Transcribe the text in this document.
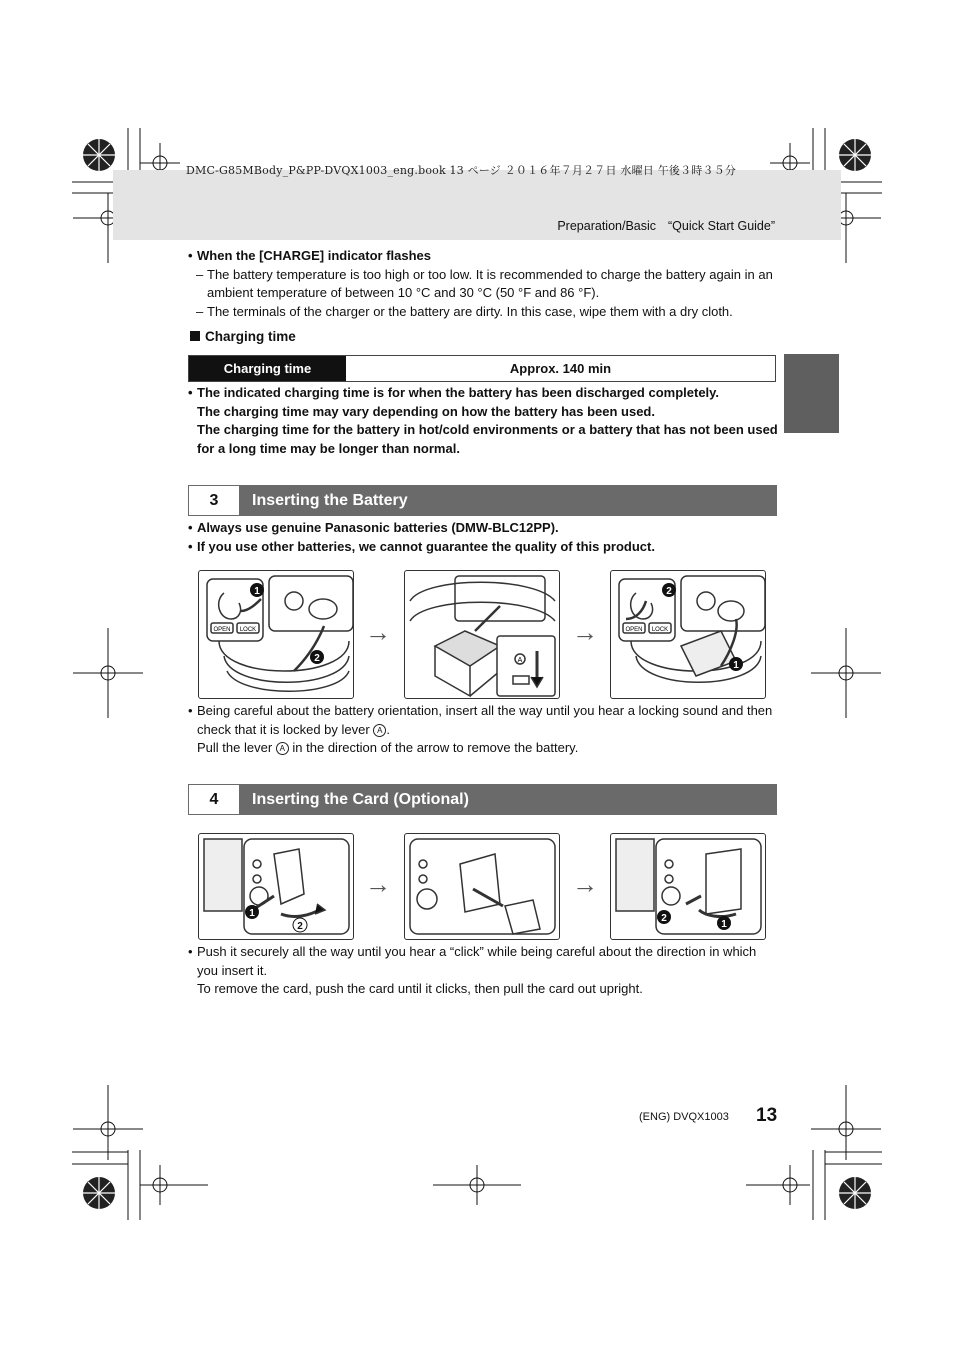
DMC-G85MBody_P&PP-DVQX1003_eng.book 13 ページ ２０１６年７月２７日 水曜日 午後３時３５分
Preparation/Basic “Quick Start Guide”
• When the [CHARGE] indicator flashes
– The battery temperature is too high or too low. It is recommended to charge the battery again in an ambient temperature of between 10 °C and 30 °C (50 °F and 86 °F).
– The terminals of the charger or the battery are dirty. In this case, wipe them with a dry cloth.
Charging time
Charging time	Approx. 140 min
• The indicated charging time is for when the battery has been discharged completely.
The charging time may vary depending on how the battery has been used.
The charging time for the battery in hot/cold environments or a battery that has not been used for a long time may be longer than normal.
3	Inserting the Battery
• Always use genuine Panasonic batteries (DMW-BLC12PP).
• If you use other batteries, we cannot guarantee the quality of this product.
OPEN LOCK
1
2
→
A
→	OPEN LOCK
2
1
• Being careful about the battery orientation, insert all the way until you hear a locking sound and then check that it is locked by lever A .
Pull the lever A in the direction of the arrow to remove the battery.
4	Inserting the Card (Optional)
1
2
→	→
2
1
• Push it securely all the way until you hear a “click” while being careful about the direction in which you insert it.
To remove the card, push the card until it clicks, then pull the card out upright.
(ENG) DVQX1003 13
